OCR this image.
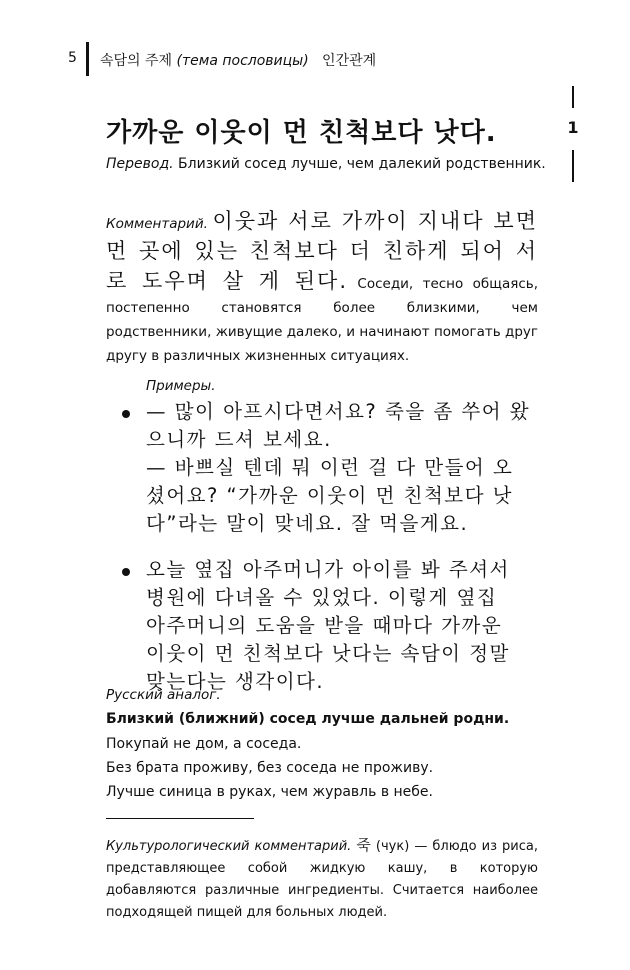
5 속담의 주제 (тема пословицы) 인간관계
1
가까운 이웃이 먼 친척보다 낫다.
Перевод. Близкий сосед лучше, чем далекий родственник.
Комментарий. 이웃과 서로 가까이 지내다 보면 먼 곳에 있는 친척보다 더 친하게 되어 서로 도우며 살 게 된다. Соседи, тесно общаясь, постепенно становятся более близкими, чем родственники, живущие далеко, и начинают помогать друг другу в различных жизненных ситуациях.
Примеры.
— 많이 아프시다면서요? 죽을 좀 쑤어 왔
으니까 드셔 보세요.
— 바쁘실 텐데 뭐 이런 걸 다 만들어 오
셨어요? “가까운 이웃이 먼 친척보다 낫
다”라는 말이 맞네요. 잘 먹을게요.
오늘 옆집 아주머니가 아이를 봐 주셔서
병원에 다녀올 수 있었다. 이렇게 옆집
아주머니의 도움을 받을 때마다 가까운
이웃이 먼 친척보다 낫다는 속담이 정말
맞는다는 생각이다.
Русский аналог.
Близкий (ближний) сосед лучше дальней родни.
Покупай не дом, а соседа.
Без брата проживу, без соседа не проживу.
Лучше синица в руках, чем журавль в небе.
Культурологический комментарий. 죽 (чук) — блюдо из риса, представляющее собой жидкую кашу, в которую добавляются различные ингредиенты. Считается наиболее подходящей пищей для больных людей.
